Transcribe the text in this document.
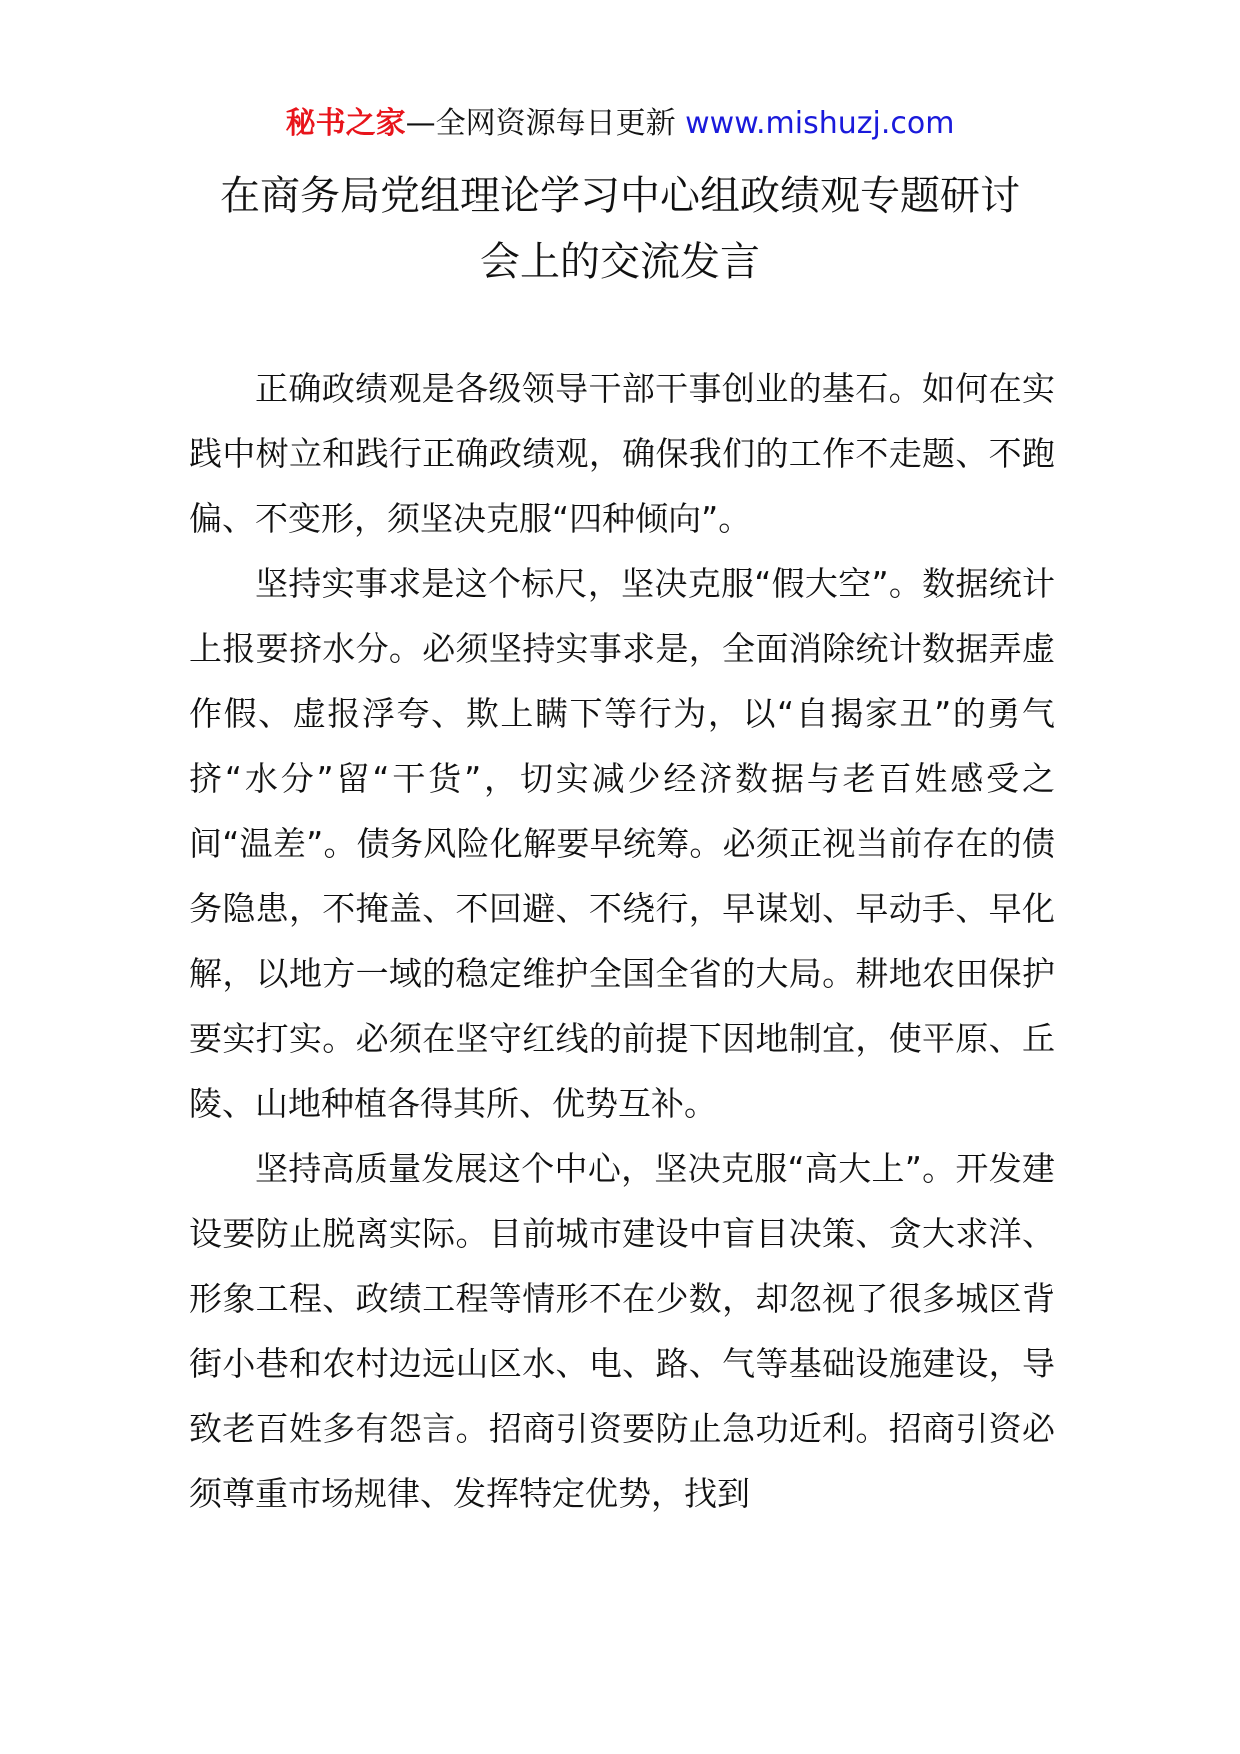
秘书之家—全网资源每日更新 www.mishuzj.com
在商务局党组理论学习中心组政绩观专题研讨
会上的交流发言

正确政绩观是各级领导干部干事创业的基石。如何在实践中树立和践行正确政绩观，确保我们的工作不走题、不跑偏、不变形，须坚决克服“四种倾向”。

坚持实事求是这个标尺，坚决克服“假大空”。数据统计上报要挤水分。必须坚持实事求是，全面消除统计数据弄虚作假、虚报浮夸、欺上瞒下等行为，以“自揭家丑”的勇气挤“水分”留“干货”，切实减少经济数据与老百姓感受之间“温差”。债务风险化解要早统筹。必须正视当前存在的债务隐患，不掩盖、不回避、不绕行，早谋划、早动手、早化解，以地方一域的稳定维护全国全省的大局。耕地农田保护要实打实。必须在坚守红线的前提下因地制宜，使平原、丘陵、山地种植各得其所、优势互补。

坚持高质量发展这个中心，坚决克服“高大上”。开发建设要防止脱离实际。目前城市建设中盲目决策、贪大求洋、形象工程、政绩工程等情形不在少数，却忽视了很多城区背街小巷和农村边远山区水、电、路、气等基础设施建设，导致老百姓多有怨言。招商引资要防止急功近利。招商引资必须尊重市场规律、发挥特定优势，找到
